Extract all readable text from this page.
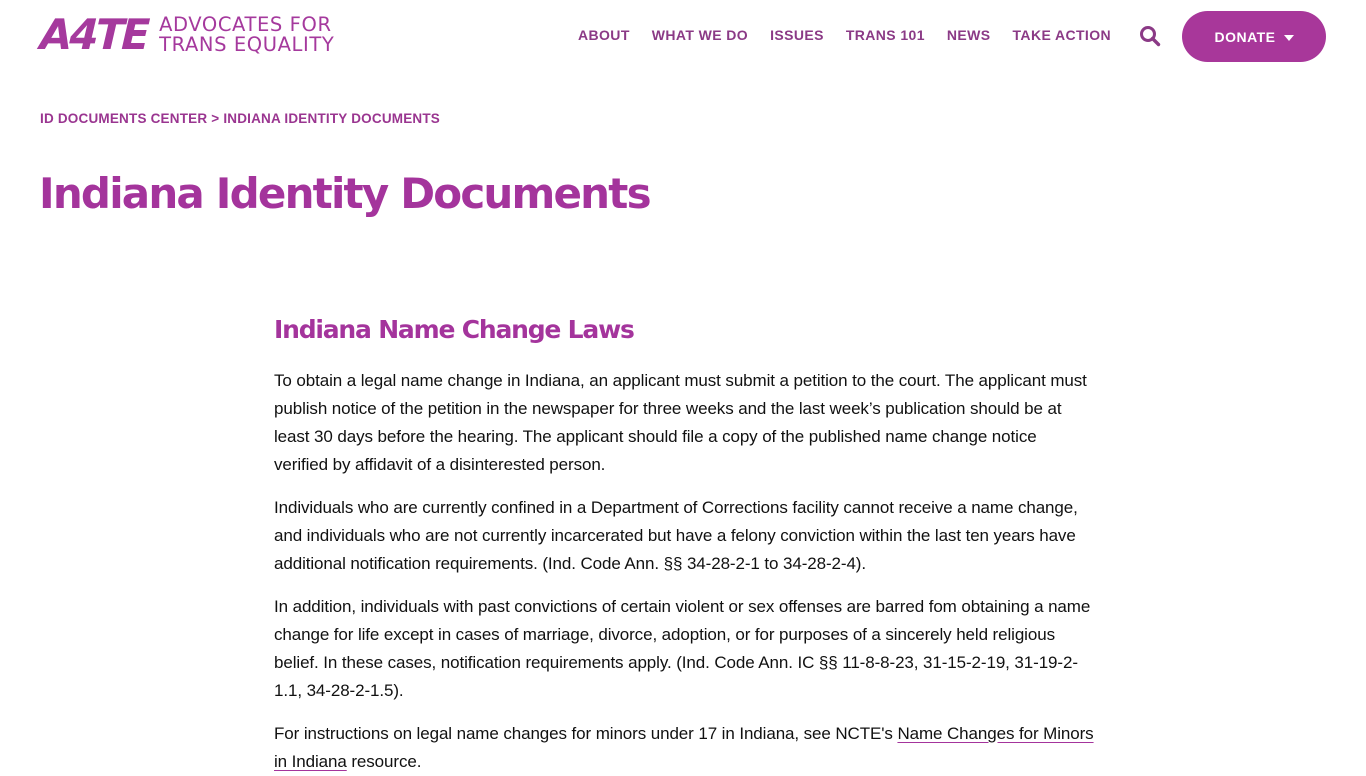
A4TE ADVOCATES FOR
TRANS EQUALITY	ABOUT WHAT WE DO ISSUES TRANS 101 NEWS TAKE ACTION	DONATE
ID DOCUMENTS CENTER > INDIANA IDENTITY DOCUMENTS
Indiana Identity Documents
Indiana Name Change Laws

To obtain a legal name change in Indiana, an applicant must submit a petition to the court. The applicant must publish notice of the petition in the newspaper for three weeks and the last week’s publication should be at least 30 days before the hearing. The applicant should file a copy of the published name change notice verified by affidavit of a disinterested person.

Individuals who are currently confined in a Department of Corrections facility cannot receive a name change, and individuals who are not currently incarcerated but have a felony conviction within the last ten years have additional notification requirements. (Ind. Code Ann. §§ 34-28-2-1 to 34-28-2-4).

In addition, individuals with past convictions of certain violent or sex offenses are barred fom obtaining a name change for life except in cases of marriage, divorce, adoption, or for purposes of a sincerely held religious belief. In these cases, notification requirements apply. (Ind. Code Ann. IC §§ 11-8-8-23, 31-15-2-19, 31-19-2-1.1, 34-28-2-1.5).

For instructions on legal name changes for minors under 17 in Indiana, see NCTE's Name Changes for Minors in Indiana resource.
